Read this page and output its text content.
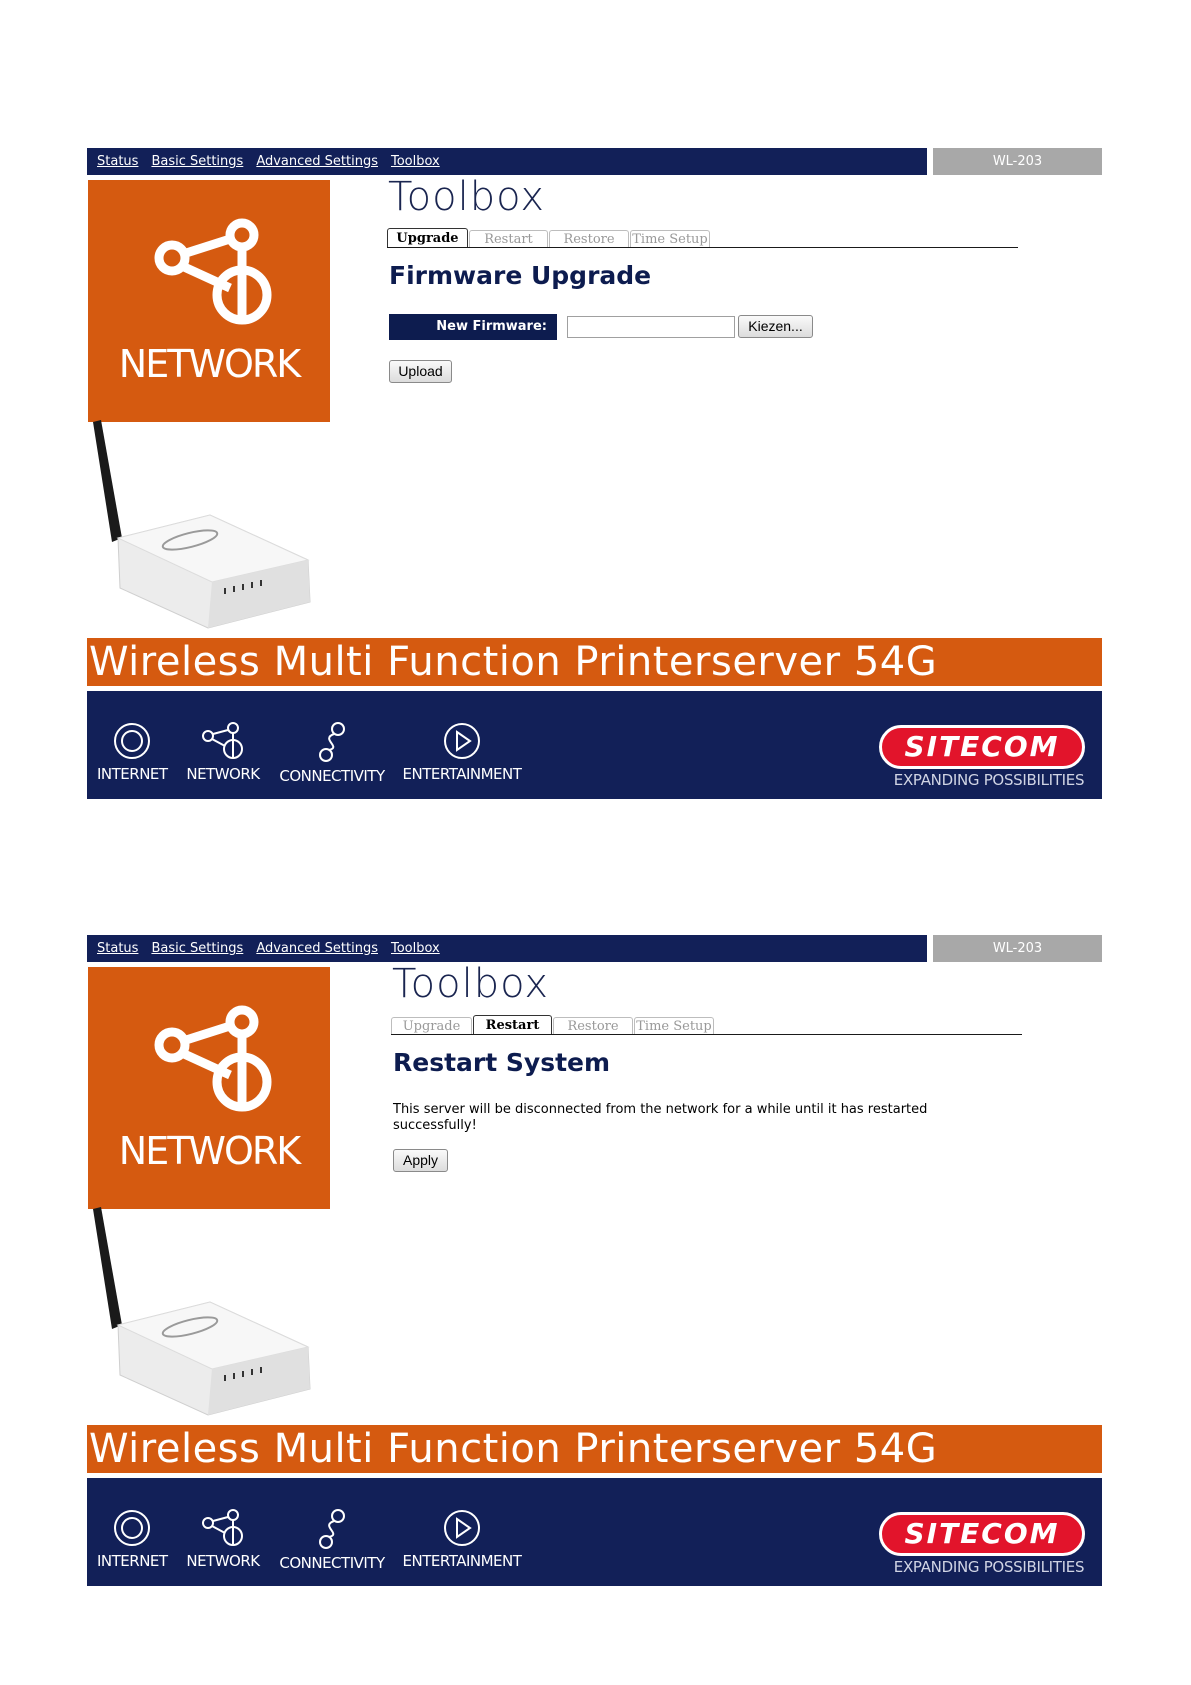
Status Basic Settings Advanced Settings Toolbox	WL-203
NETWORK
Toolbox
Upgrade	Restart	Restore	Time Setup
Firmware Upgrade
New Firmware:	Kiezen...
Upload
Wireless Multi Function Printerserver 54G
INTERNET NETWORK CONNECTIVITY	ENTERTAINMENT
SITECOM
EXPANDING POSSIBILITIES
Status Basic Settings Advanced Settings Toolbox	WL-203
NETWORK
Toolbox
Upgrade	Restart	Restore	Time Setup
Restart System
This server will be disconnected from the network for a while until it has restarted successfully!
Apply
Wireless Multi Function Printerserver 54G
INTERNET NETWORK CONNECTIVITY	ENTERTAINMENT
SITECOM
EXPANDING POSSIBILITIES
